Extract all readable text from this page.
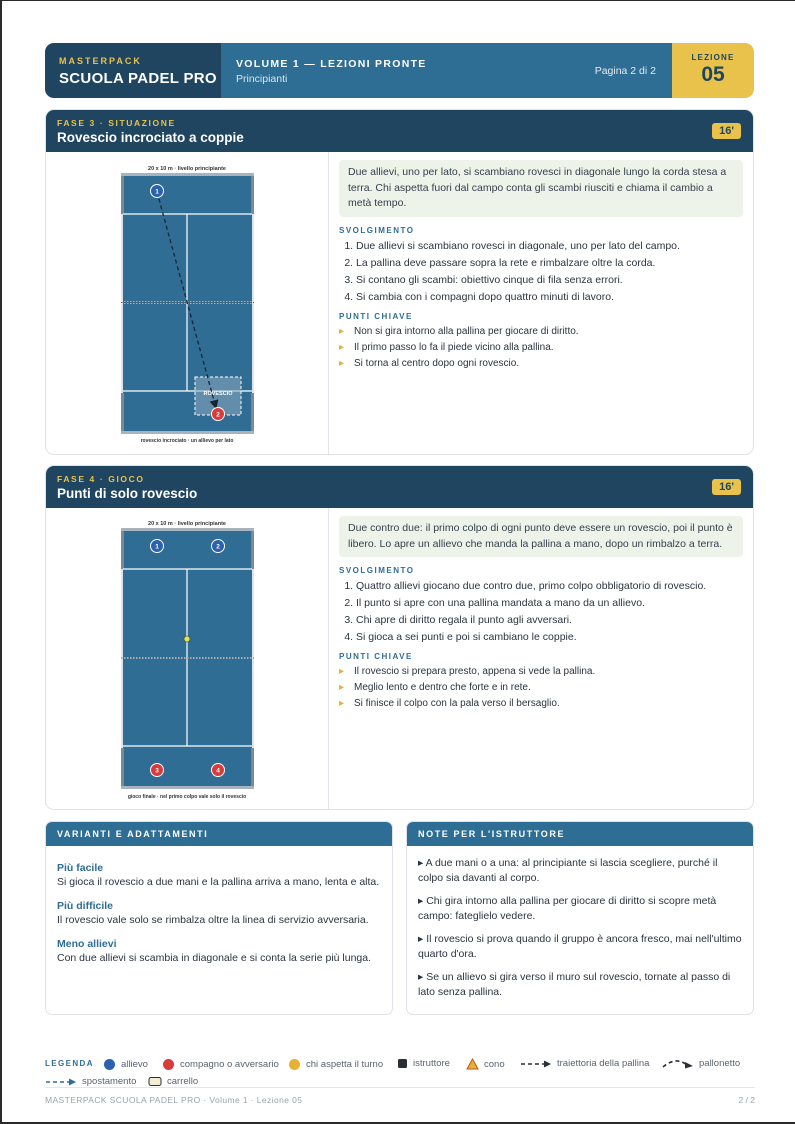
MASTERPACK
SCUOLA PADEL PRO
VOLUME 1 — LEZIONI PRONTE
Principianti
Pagina 2 di 2
LEZIONE
05
FASE 3 · SITUAZIONE
Rovescio incrociato a coppie	16'
20 x 10 m · livello principiante
ROVESCIO
1
2
rovescio incrociato · un allievo per lato
Due allievi, uno per lato, si scambiano rovesci in diagonale lungo la corda stesa a terra. Chi aspetta fuori dal campo conta gli scambi riusciti e chiama il cambio a metà tempo.
SVOLGIMENTO
1. Due allievi si scambiano rovesci in diagonale, uno per lato del campo.
2. La pallina deve passare sopra la rete e rimbalzare oltre la corda.
3. Si contano gli scambi: obiettivo cinque di fila senza errori.
4. Si cambia con i compagni dopo quattro minuti di lavoro.
PUNTI CHIAVE
▸ Non si gira intorno alla pallina per giocare di diritto.
▸ Il primo passo lo fa il piede vicino alla pallina.
▸ Si torna al centro dopo ogni rovescio.
FASE 4 · GIOCO
Punti di solo rovescio	16'
20 x 10 m · livello principiante
1	2
3	4
gioco finale · nel primo colpo vale solo il rovescio
Due contro due: il primo colpo di ogni punto deve essere un rovescio, poi il punto è libero. Lo apre un allievo che manda la pallina a mano, dopo un rimbalzo a terra.
SVOLGIMENTO
1. Quattro allievi giocano due contro due, primo colpo obbligatorio di rovescio.
2. Il punto si apre con una pallina mandata a mano da un allievo.
3. Chi apre di diritto regala il punto agli avversari.
4. Si gioca a sei punti e poi si cambiano le coppie.
PUNTI CHIAVE
▸ Il rovescio si prepara presto, appena si vede la pallina.
▸ Meglio lento e dentro che forte e in rete.
▸ Si finisce il colpo con la pala verso il bersaglio.
VARIANTI E ADATTAMENTI
Più facile
Si gioca il rovescio a due mani e la pallina arriva a mano, lenta e alta.
Più difficile
Il rovescio vale solo se rimbalza oltre la linea di servizio avversaria.
Meno allievi
Con due allievi si scambia in diagonale e si conta la serie più lunga.
NOTE PER L'ISTRUTTORE
▸ A due mani o a una: al principiante si lascia scegliere, purché il colpo sia davanti al corpo.
▸ Chi gira intorno alla pallina per giocare di diritto si scopre metà campo: fateglielo vedere.
▸ Il rovescio si prova quando il gruppo è ancora fresco, mai nell'ultimo quarto d'ora.
▸ Se un allievo si gira verso il muro sul rovescio, tornate al passo di lato senza pallina.
LEGENDA	allievo	compagno o avversario	chi aspetta il turno	istruttore	cono	traiettoria della pallina	pallonetto
spostamento	carrello
MASTERPACK SCUOLA PADEL PRO · Volume 1 · Lezione 05	2 / 2
